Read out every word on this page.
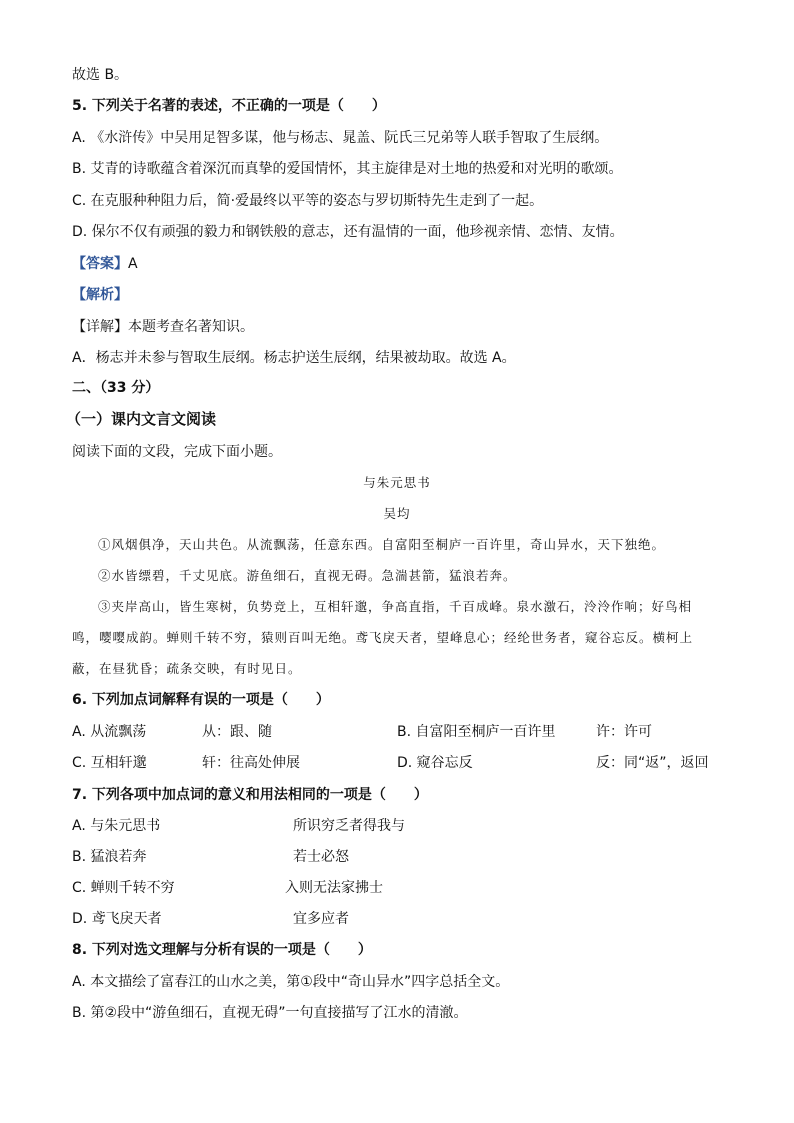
故选 B。
5. 下列关于名著的表述，不正确的一项是（　　）
A. 《水浒传》中吴用足智多谋，他与杨志、晁盖、阮氏三兄弟等人联手智取了生辰纲。
B. 艾青的诗歌蕴含着深沉而真挚的爱国情怀，其主旋律是对土地的热爱和对光明的歌颂。
C. 在克服种种阻力后，简·爱最终以平等的姿态与罗切斯特先生走到了一起。
D. 保尔不仅有顽强的毅力和钢铁般的意志，还有温情的一面，他珍视亲情、恋情、友情。
【答案】A
【解析】
【详解】本题考查名著知识。
A．杨志并未参与智取生辰纲。杨志护送生辰纲，结果被劫取。故选 A。
二、（33 分）
（一）课内文言文阅读
阅读下面的文段，完成下面小题。
与朱元思书
吴均
①风烟俱净，天山共色。从流飘荡，任意东西。自富阳至桐庐一百许里，奇山异水，天下独绝。
②水皆缥碧，千丈见底。游鱼细石，直视无碍。急湍甚箭，猛浪若奔。
③夹岸高山，皆生寒树，负势竞上，互相轩邈，争高直指，千百成峰。泉水激石，泠泠作响；好鸟相
鸣，嘤嘤成韵。蝉则千转不穷，猿则百叫无绝。鸢飞戾天者，望峰息心；经纶世务者，窥谷忘反。横柯上
蔽，在昼犹昏；疏条交映，有时见日。
6. 下列加点词解释有误的一项是（　　）
A. 从流飘荡	从：跟、随	B. 自富阳至桐庐一百许里	许：许可
C. 互相轩邈	轩：往高处伸展	D. 窥谷忘反	反：同“返”，返回
7. 下列各项中加点词的意义和用法相同的一项是（　　）
A. 与朱元思书	所识穷乏者得我与
B. 猛浪若奔	若士必怒
C. 蝉则千转不穷	入则无法家拂士
D. 鸢飞戾天者	宜多应者
8. 下列对选文理解与分析有误的一项是（　　）
A. 本文描绘了富春江的山水之美，第①段中“奇山异水”四字总括全文。
B. 第②段中“游鱼细石，直视无碍”一句直接描写了江水的清澈。
